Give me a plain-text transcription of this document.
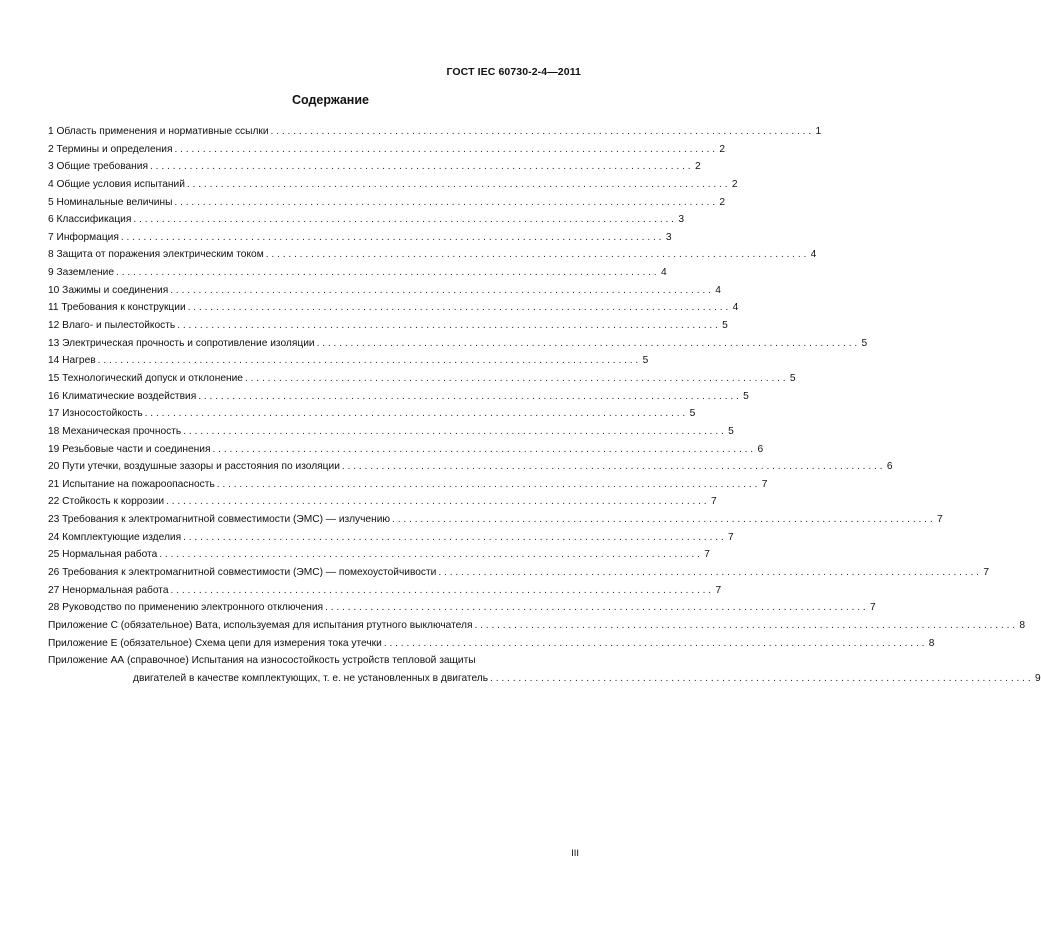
ГОСТ IEC 60730-2-4—2011
Содержание
1 Область применения и нормативные ссылки . . .	1
2 Термины и определения . . .	2
3 Общие требования . . .	2
4 Общие условия испытаний . . .	2
5 Номинальные величины . . .	2
6 Классификация . . .	3
7 Информация . . .	3
8 Защита от поражения электрическим током . . .	4
9 Заземление . . .	4
10 Зажимы и соединения . . .	4
11 Требования к конструкции . . .	4
12 Влаго- и пылестойкость . . .	5
13 Электрическая прочность и сопротивление изоляции . . .	5
14 Нагрев . . .	5
15 Технологический допуск и отклонение . . .	5
16 Климатические воздействия . . .	5
17 Износостойкость . . .	5
18 Механическая прочность . . .	5
19 Резьбовые части и соединения . . .	6
20 Пути утечки, воздушные зазоры и расстояния по изоляции . . .	6
21 Испытание на пожароопасность . . .	7
22 Стойкость к коррозии . . .	7
23 Требования к электромагнитной совместимости (ЭМС) — излучению . . .	7
24 Комплектующие изделия . . .	7
25 Нормальная работа . . .	7
26 Требования к электромагнитной совместимости (ЭМС) — помехоустойчивости . . .	7
27 Ненормальная работа . . .	7
28 Руководство по применению электронного отключения . . .	7
Приложение С (обязательное) Вата, используемая для испытания ртутного выключателя . . .	8
Приложение Е (обязательное) Схема цепи для измерения тока утечки . . .	8
Приложение АА (справочное) Испытания на износостойкость устройств тепловой защиты
двигателей в качестве комплектующих, т. е. не установленных в двигатель . . .	9
III
